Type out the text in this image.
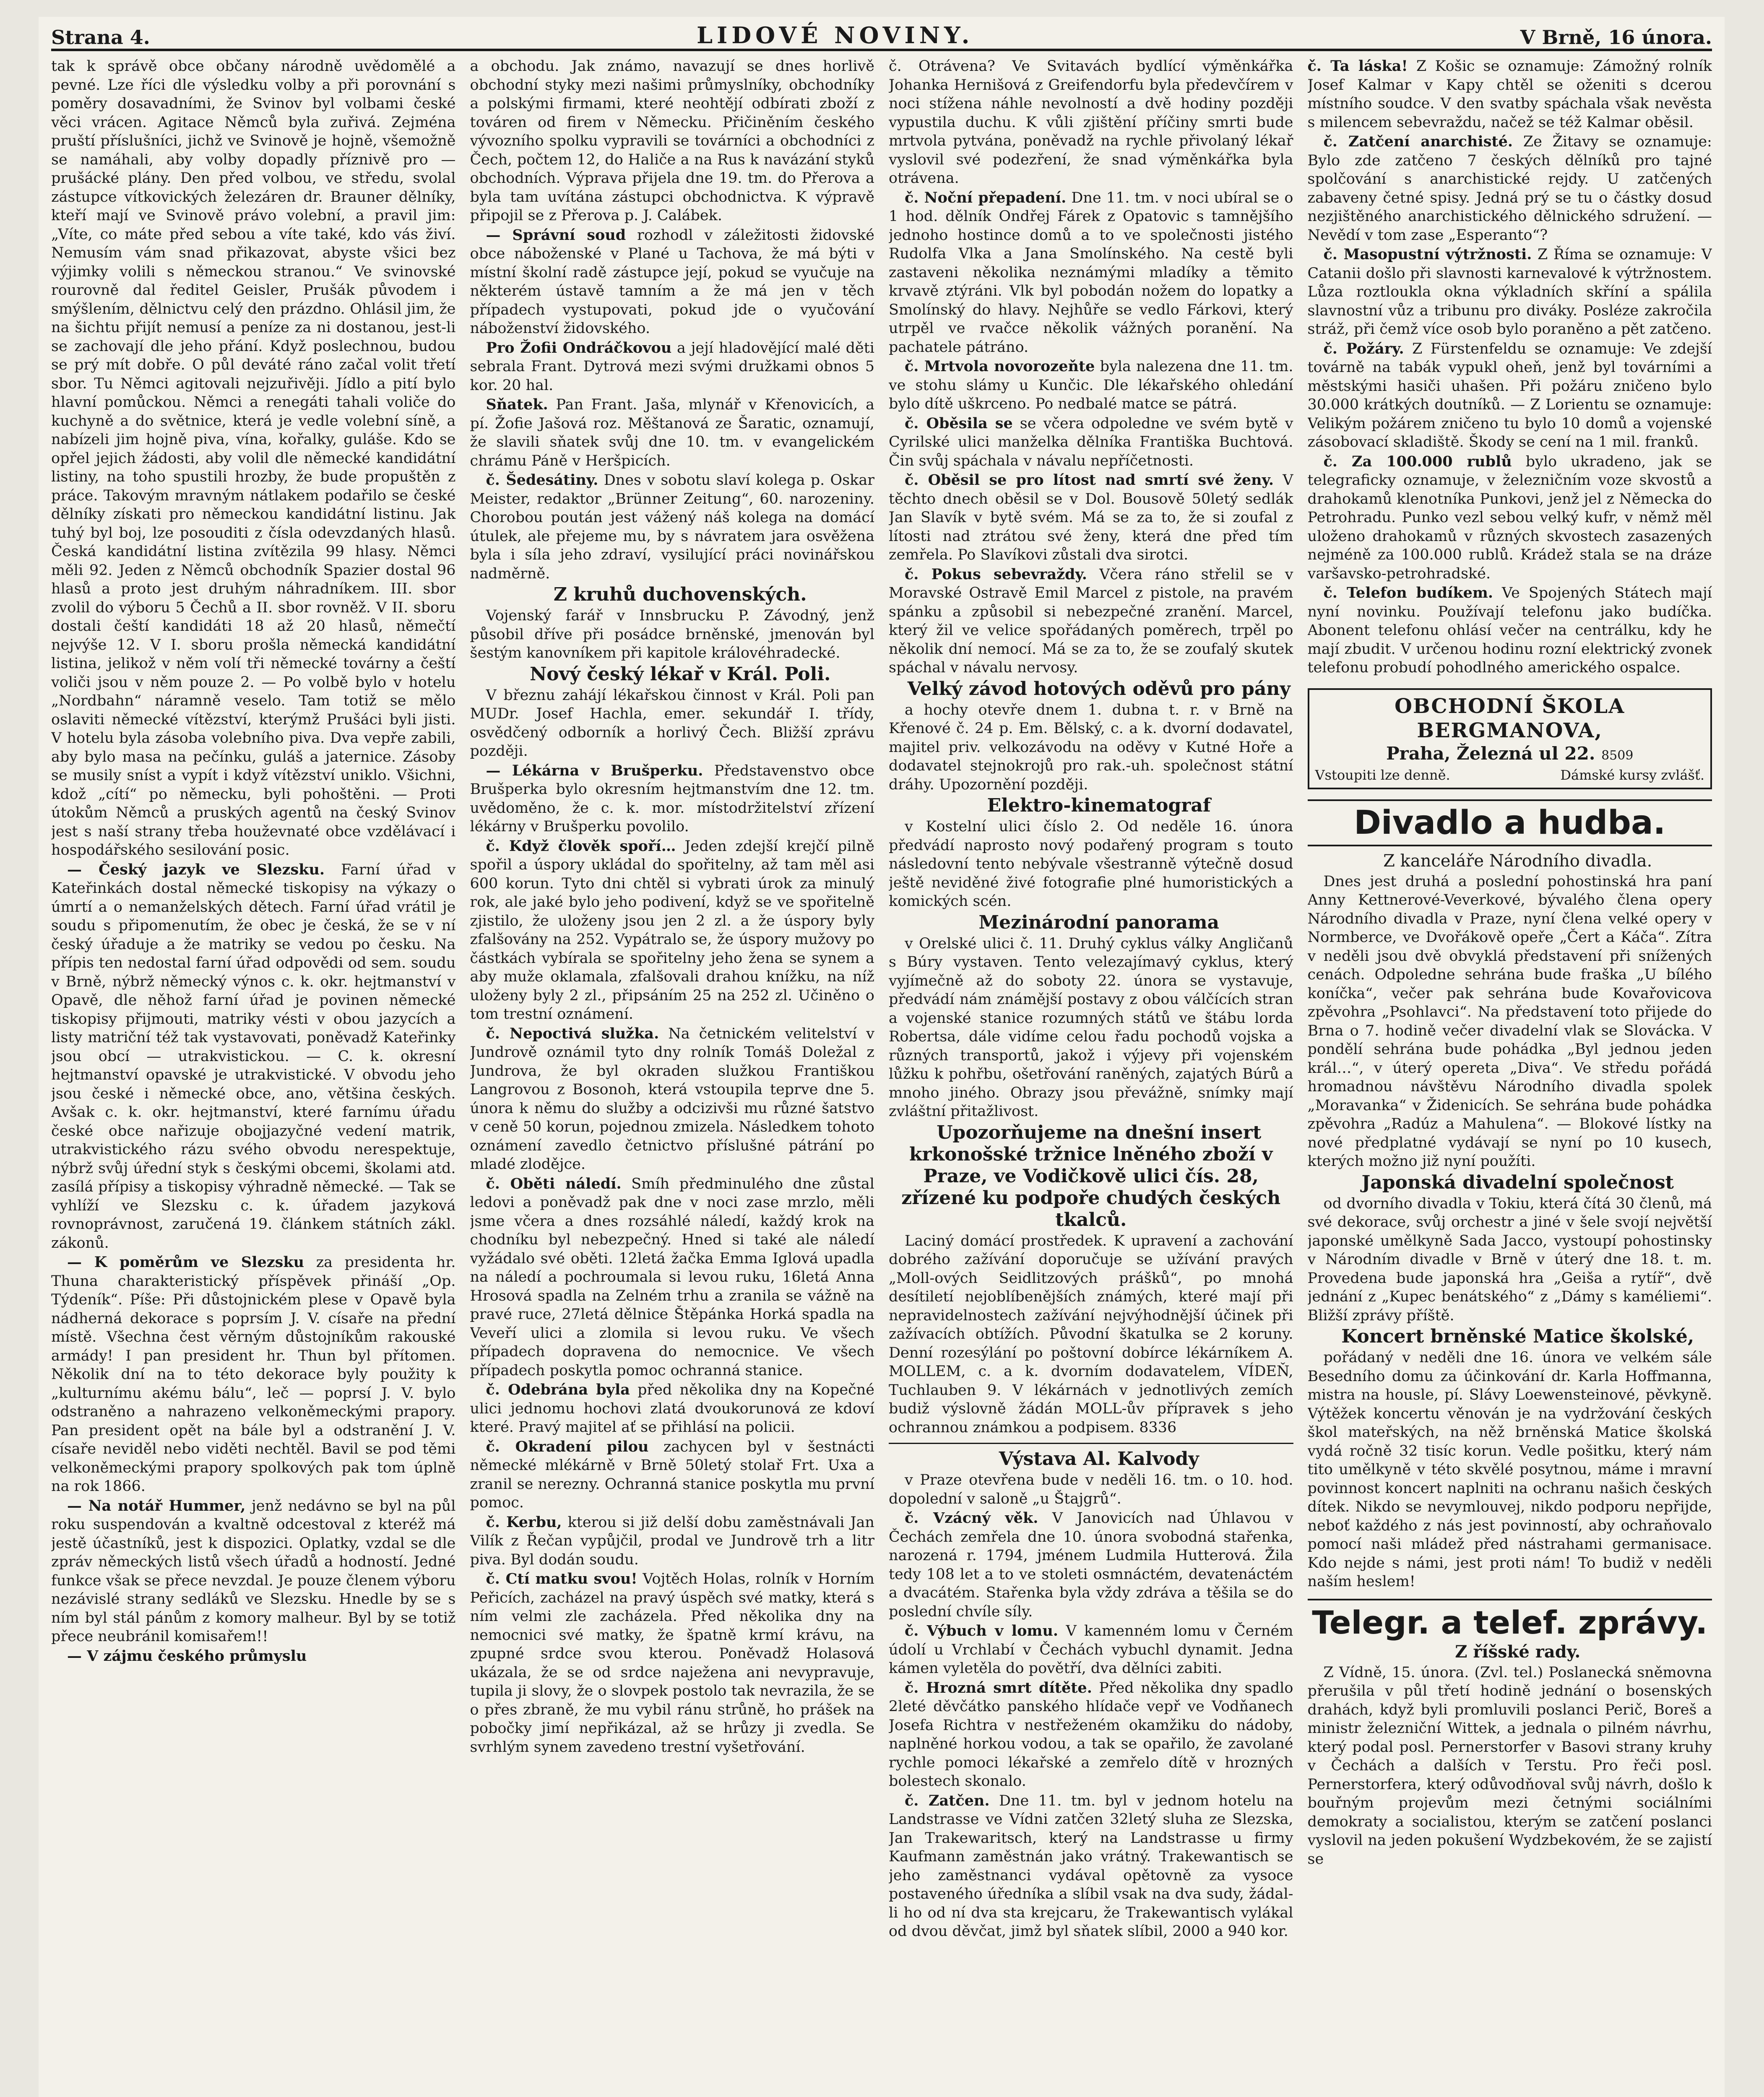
Strana 4.	LIDOVÉ NOVINY.	V Brně, 16 února.

tak k správě obce občany národně uvědomělé a pevné. Lze říci dle výsledku volby a při porovnání s poměry dosavadními, že Svinov byl volbami české věci vrácen. Agitace Němců byla zuřivá. Zejména pruští příslušníci, jichž ve Svinově je hojně, všemožně se namáhali, aby volby dopadly příznivě pro — prušácké plány. Den před volbou, ve středu, svolal zástupce vítkovických železáren dr. Brauner dělníky, kteří mají ve Svinově právo volební, a pravil jim: „Víte, co máte před sebou a víte také, kdo vás živí. Nemusím vám snad přikazovat, abyste všici bez výjimky volili s německou stranou.“ Ve svinovské rourovně dal ředitel Geisler, Prušák původem i smýšlením, dělnictvu celý den prázdno. Ohlásil jim, že na šichtu přijít nemusí a peníze za ni dostanou, jest-li se zachovají dle jeho přání. Když poslechnou, budou se prý mít dobře. O půl deváté ráno začal volit třetí sbor. Tu Němci agitovali nejzuřivěji. Jídlo a pití bylo hlavní pomůckou. Němci a renegáti tahali voliče do kuchyně a do světnice, která je vedle volební síně, a nabízeli jim hojně piva, vína, kořalky, guláše. Kdo se opřel jejich žádosti, aby volil dle německé kandidátní listiny, na toho spustili hrozby, že bude propuštěn z práce. Takovým mravným nátlakem podařilo se české dělníky získati pro německou kandidátní listinu. Jak tuhý byl boj, lze posouditi z čísla odevzdaných hlasů. Česká kandidátní listina zvítězila 99 hlasy. Němci měli 92. Jeden z Němců obchodník Spazier dostal 96 hlasů a proto jest druhým náhradníkem. III. sbor zvolil do výboru 5 Čechů a II. sbor rovněž. V II. sboru dostali čeští kandidáti 18 až 20 hlasů, němečtí nejvýše 12. V I. sboru prošla německá kandidátní listina, jelikož v něm volí tři německé továrny a čeští voliči jsou v něm pouze 2. — Po volbě bylo v hotelu „Nordbahn“ náramně veselo. Tam totiž se mělo oslaviti německé vítězství, kterýmž Prušáci byli jisti. V hotelu byla zásoba volebního piva. Dva vepře zabili, aby bylo masa na pečínku, guláš a jaternice. Zásoby se musily sníst a vypít i když vítězství uniklo. Všichni, kdož „cítí“ po německu, byli pohoštěni. — Proti útokům Němců a pruských agentů na český Svinov jest s naší strany třeba houževnaté obce vzdělávací i hospodářského sesilování posic.

— Český jazyk ve Slezsku. Farní úřad v Kateřinkách dostal německé tiskopisy na výkazy o úmrtí a o nemanželských dětech. Farní úřad vrátil je soudu s připomenutím, že obec je česká, že se v ní český úřaduje a že matriky se vedou po česku. Na přípis ten nedostal farní úřad odpovědi od sem. soudu v Brně, nýbrž německý výnos c. k. okr. hejtmanství v Opavě, dle něhož farní úřad je povinen německé tiskopisy přijmouti, matriky vésti v obou jazycích a listy matriční též tak vystavovati, poněvadž Kateřinky jsou obcí — utrakvistickou. — C. k. okresní hejtmanství opavské je utrakvistické. V obvodu jeho jsou české i německé obce, ano, většina českých. Avšak c. k. okr. hejtmanství, které farnímu úřadu české obce nařizuje obojjazyčné vedení matrik, utrakvistického rázu svého obvodu nerespektuje, nýbrž svůj úřední styk s českými obcemi, školami atd. zasílá přípisy a tiskopisy výhradně německé. — Tak se vyhlíží ve Slezsku c. k. úřadem jazyková rovnoprávnost, zaručená 19. článkem státních zákl. zákonů.

— K poměrům ve Slezsku za presidenta hr. Thuna charakteristický příspěvek přináší „Op. Týdeník“. Píše: Při důstojnickém plese v Opavě byla nádherná dekorace s poprsím J. V. císaře na přední místě. Všechna čest věrným důstojníkům rakouské armády! I pan president hr. Thun byl přítomen. Několik dní na to této dekorace byly použity k „kulturnímu akému bálu“, leč — poprsí J. V. bylo odstraněno a nahrazeno velkoněmeckými prapory. Pan president opět na bále byl a odstranění J. V. císaře neviděl nebo viděti nechtěl. Bavil se pod těmi velkoněmeckými prapory spolkových pak tom úplně na rok 1866.

— Na notář Hummer, jenž nedávno se byl na půl roku suspendován a kvaltně odcestoval z kteréž má jestě účastníků, jest k dispozici. Oplatky, vzdal se dle zpráv německých listů všech úřadů a hodností. Jedné funkce však se přece nevzdal. Je pouze členem výboru nezávislé strany sedláků ve Slezsku. Hnedle by se s ním byl stál pánům z komory malheur. Byl by se totiž přece neubránil komisařem!!

— V zájmu českého průmyslu

a obchodu. Jak známo, navazují se dnes horlivě obchodní styky mezi našimi průmyslníky, obchodníky a polskými firmami, které neohtějí odbírati zboží z továren od firem v Německu. Přičiněním českého vývozního spolku vypravili se továrníci a obchodníci z Čech, počtem 12, do Haliče a na Rus k navázání styků obchodních. Výprava přijela dne 19. tm. do Přerova a byla tam uvítána zástupci obchodnictva. K výpravě připojil se z Přerova p. J. Calábek.

— Správní soud rozhodl v záležitosti židovské obce náboženské v Plané u Tachova, že má býti v místní školní radě zástupce její, pokud se vyučuje na některém ústavě tamním a že má jen v těch případech vystupovati, pokud jde o vyučování náboženství židovského.

Pro Žofii Ondráčkovou a její hladovějící malé děti sebrala Frant. Dytrová mezi svými družkami obnos 5 kor. 20 hal.

Sňatek. Pan Frant. Jaša, mlynář v Křenovicích, a pí. Žofie Jašová roz. Měštanová ze Šaratic, oznamují, že slavili sňatek svůj dne 10. tm. v evangelickém chrámu Páně v Heršpicích.

č. Šedesátiny. Dnes v sobotu slaví kolega p. Oskar Meister, redaktor „Brünner Zeitung“, 60. narozeniny. Chorobou poután jest vážený náš kolega na domácí útulek, ale přejeme mu, by s návratem jara osvěžena byla i síla jeho zdraví, vysilující práci novinářskou nadměrně.

Z kruhů duchovenských.

Vojenský farář v Innsbrucku P. Závodný, jenž působil dříve při posádce brněnské, jmenován byl šestým kanovníkem při kapitole královéhradecké.

Nový český lékař v Král. Poli.

V březnu zahájí lékařskou činnost v Král. Poli pan MUDr. Josef Hachla, emer. sekundář I. třídy, osvědčený odborník a horlivý Čech. Bližší zprávu později.

— Lékárna v Brušperku. Představenstvo obce Brušperka bylo okresním hejtmanstvím dne 12. tm. uvědoměno, že c. k. mor. místodržitelství zřízení lékárny v Brušperku povolilo.

č. Když člověk spoří… Jeden zdejší krejčí pilně spořil a úspory ukládal do spořitelny, až tam měl asi 600 korun. Tyto dni chtěl si vybrati úrok za minulý rok, ale jaké bylo jeho podivení, když se ve spořitelně zjistilo, že uloženy jsou jen 2 zl. a že úspory byly zfalšovány na 252. Vypátralo se, že úspory mužovy po částkách vybírala se spořitelny jeho žena se synem a aby muže oklamala, zfalšovali drahou knížku, na níž uloženy byly 2 zl., připsáním 25 na 252 zl. Učiněno o tom trestní oznámení.

č. Nepoctivá služka. Na četnickém velitelství v Jundrově oznámil tyto dny rolník Tomáš Doležal z Jundrova, že byl okraden služkou Františkou Langrovou z Bosonoh, která vstoupila teprve dne 5. února k němu do služby a odcizivši mu různé šatstvo v ceně 50 korun, pojednou zmizela. Následkem tohoto oznámení zavedlo četnictvo příslušné pátrání po mladé zlodějce.

č. Oběti náledí. Smíh předminulého dne zůstal ledovi a poněvadž pak dne v noci zase mrzlo, měli jsme včera a dnes rozsáhlé náledí, každý krok na chodníku byl nebezpečný. Hned si také ale náledí vyžádalo své oběti. 12letá žačka Emma Iglová upadla na náledí a pochroumala si levou ruku, 16letá Anna Hrosová spadla na Zelném trhu a zranila se vážně na pravé ruce, 27letá dělnice Štěpánka Horká spadla na Veveří ulici a zlomila si levou ruku. Ve všech případech dopravena do nemocnice. Ve všech případech poskytla pomoc ochranná stanice.

č. Odebrána byla před několika dny na Kopečné ulici jednomu hochovi zlatá dvoukorunová ze kdoví které. Pravý majitel ať se přihlásí na policii.

č. Okradení pilou zachycen byl v šestnácti německé mlékárně v Brně 50letý stolař Frt. Uxa a zranil se nerezny. Ochranná stanice poskytla mu první pomoc.

č. Kerbu, kterou si již delší dobu zaměstnávali Jan Vilík z Řečan vypůjčil, prodal ve Jundrově trh a litr piva. Byl dodán soudu.

č. Ctí matku svou! Vojtěch Holas, rolník v Horním Peřicích, zacházel na pravý úspěch své matky, která s ním velmi zle zacházela. Před několika dny na nemocnici své matky, že špatně krmí krávu, na zpupné srdce svou kterou. Poněvadž Holasová ukázala, že se od srdce naježena ani nevypravuje, tupila ji slovy, že o slovpek postolo tak nevrazila, že se o přes zbraně, že mu vybil ránu strůně, ho prášek na pobočky jimí nepřikázal, až se hrůzy ji zvedla. Se svrhlým synem zavedeno trestní vyšetřování.

č. Otrávena? Ve Svitavách bydlící výměnkářka Johanka Hernišová z Greifendorfu byla předevčírem v noci stížena náhle nevolností a dvě hodiny později vypustila duchu. K vůli zjištění příčiny smrti bude mrtvola pytvána, poněvadž na rychle přivolaný lékař vyslovil své podezření, že snad výměnkářka byla otrávena.

č. Noční přepadení. Dne 11. tm. v noci ubíral se o 1 hod. dělník Ondřej Fárek z Opatovic s tamnějšího jednoho hostince domů a to ve společnosti jistého Rudolfa Vlka a Jana Smolínského. Na cestě byli zastaveni několika neznámými mladíky a těmito krvavě ztýráni. Vlk byl pobodán nožem do lopatky a Smolínský do hlavy. Nejhůře se vedlo Fárkovi, který utrpěl ve rvačce několik vážných poranění. Na pachatele pátráno.

č. Mrtvola novorozeňte byla nalezena dne 11. tm. ve stohu slámy u Kunčic. Dle lékařského ohledání bylo dítě uškrceno. Po nedbalé matce se pátrá.

č. Oběsila se se včera odpoledne ve svém bytě v Cyrilské ulici manželka dělníka Františka Buchtová. Čin svůj spáchala v návalu nepříčetnosti.

č. Oběsil se pro lítost nad smrtí své ženy. V těchto dnech oběsil se v Dol. Bousově 50letý sedlák Jan Slavík v bytě svém. Má se za to, že si zoufal z lítosti nad ztrátou své ženy, která dne před tím zemřela. Po Slavíkovi zůstali dva sirotci.

č. Pokus sebevraždy. Včera ráno střelil se v Moravské Ostravě Emil Marcel z pistole, na pravém spánku a způsobil si nebezpečné zranění. Marcel, který žil ve velice spořádaných poměrech, trpěl po několik dní nemocí. Má se za to, že se zoufalý skutek spáchal v návalu nervosy.

Velký závod hotových oděvů pro pány

a hochy otevře dnem 1. dubna t. r. v Brně na Křenové č. 24 p. Em. Bělský, c. a k. dvorní dodavatel, majitel priv. velkozávodu na oděvy v Kutné Hoře a dodavatel stejnokrojů pro rak.-uh. společnost státní dráhy. Upozornění později.

Elektro-kinematograf

v Kostelní ulici číslo 2. Od neděle 16. února předvádí naprosto nový podařený program s touto následovní tento nebývale všestranně výtečně dosud ještě neviděné živé fotografie plné humoristických a komických scén.

Mezinárodní panorama

v Orelské ulici č. 11. Druhý cyklus války Angličanů s Búry vystaven. Tento velezajímavý cyklus, který vyjímečně až do soboty 22. února se vystavuje, předvádí nám známější postavy z obou válčících stran a vojenské stanice rozumných států ve štábu lorda Robertsa, dále vidíme celou řadu pochodů vojska a různých transportů, jakož i výjevy při vojenském lůžku k pohřbu, ošetřování raněných, zajatých Búrů a mnoho jiného. Obrazy jsou převážně, snímky mají zvláštní přitažlivost.

Upozorňujeme na dnešní insert krkonošské tržnice lněného zboží v Praze, ve Vodičkově ulici čís. 28, zřízené ku podpoře chudých českých tkalců.

Laciný domácí prostředek. K upravení a zachování dobrého zažívání doporučuje se užívání pravých „Moll-ových Seidlitzových prášků“, po mnohá desítiletí nejoblíbenějších známých, které mají při nepravidelnostech zažívání nejvýhodnější účinek při zažívacích obtížích. Původní škatulka se 2 koruny. Denní rozesýlání po poštovní dobírce lékárníkem A. MOLLEM, c. a k. dvorním dodavatelem, VÍDEŇ, Tuchlauben 9. V lékárnách v jednotlivých zemích budiž výslovně žádán MOLL-ův přípravek s jeho ochrannou známkou a podpisem. 8336

Výstava Al. Kalvody

v Praze otevřena bude v neděli 16. tm. o 10. hod. dopolední v saloně „u Štajgrů“.

č. Vzácný věk. V Janovicích nad Úhlavou v Čechách zemřela dne 10. února svobodná stařenka, narozená r. 1794, jménem Ludmila Hutterová. Žila tedy 108 let a to ve stoleti osmnáctém, devatenáctém a dvacátém. Stařenka byla vždy zdráva a těšila se do poslední chvíle síly.

č. Výbuch v lomu. V kamenném lomu v Černém údolí u Vrchlabí v Čechách vybuchl dynamit. Jedna kámen vyletěla do povětří, dva dělníci zabiti.

č. Hrozná smrt dítěte. Před několika dny spadlo 2leté děvčátko panského hlídače vepř ve Vodňanech Josefa Richtra v nestřeženém okamžiku do nádoby, naplněné horkou vodou, a tak se opařilo, že zavolané rychle pomoci lékařské a zemřelo dítě v hrozných bolestech skonalo.

č. Zatčen. Dne 11. tm. byl v jednom hotelu na Landstrasse ve Vídni zatčen 32letý sluha ze Slezska, Jan Trakewaritsch, který na Landstrasse u firmy Kaufmann zaměstnán jako vrátný. Trakewantisch se jeho zaměstnanci vydával opětovně za vysoce postaveného úředníka a slíbil vsak na dva sudy, žádal-li ho od ní dva sta krejcaru, že Trakewantisch vylákal od dvou děvčat, jimž byl sňatek slíbil, 2000 a 940 kor.

č. Ta láska! Z Košic se oznamuje: Zámožný rolník Josef Kalmar v Kapy chtěl se oženiti s dcerou místního soudce. V den svatby spáchala však nevěsta s milencem sebevraždu, načež se též Kalmar oběsil.

č. Zatčení anarchisté. Ze Žitavy se oznamuje: Bylo zde zatčeno 7 českých dělníků pro tajné spolčování s anarchistické rejdy. U zatčených zabaveny četné spisy. Jedná prý se tu o částky dosud nezjištěného anarchistického dělnického sdružení. — Nevědí v tom zase „Esperanto“?

č. Masopustní výtržnosti. Z Říma se oznamuje: V Catanii došlo při slavnosti karnevalové k výtržnostem. Lůza roztloukla okna výkladních skříní a spálila slavnostní vůz a tribunu pro diváky. Posléze zakročila stráž, při čemž více osob bylo poraněno a pět zatčeno.

č. Požáry. Z Fürstenfeldu se oznamuje: Ve zdejší továrně na tabák vypukl oheň, jenž byl továrními a městskými hasiči uhašen. Při požáru zničeno bylo 30.000 krátkých doutníků. — Z Lorientu se oznamuje: Velikým požárem zničeno tu bylo 10 domů a vojenské zásobovací skladiště. Škody se cení na 1 mil. franků.

č. Za 100.000 rublů bylo ukradeno, jak se telegraficky oznamuje, v železničním voze skvostů a drahokamů klenotníka Punkovi, jenž jel z Německa do Petrohradu. Punko vezl sebou velký kufr, v němž měl uloženo drahokamů v různých skvostech zasazených nejméně za 100.000 rublů. Krádež stala se na dráze varšavsko-petrohradské.

č. Telefon budíkem. Ve Spojených Státech mají nyní novinku. Používají telefonu jako budíčka. Abonent telefonu ohlásí večer na centrálku, kdy he mají zbudit. V určenou hodinu rozní elektrický zvonek telefonu probudí pohodlného amerického ospalce.

OBCHODNÍ ŠKOLA BERGMANOVA,
Praha, Železná ul 22. 8509
Vstoupiti lze denně.	Dámské kursy zvlášť.
Divadlo a hudba.

Z kanceláře Národního divadla.

Dnes jest druhá a poslední pohostinská hra paní Anny Kettnerové-Veverkové, bývalého člena opery Národního divadla v Praze, nyní člena velké opery v Normberce, ve Dvořákově opeře „Čert a Káča“. Zítra v neděli jsou dvě obvyklá představení při snížených cenách. Odpoledne sehrána bude fraška „U bílého koníčka“, večer pak sehrána bude Kovařovicova zpěvohra „Psohlavci“. Na představení toto přijede do Brna o 7. hodině večer divadelní vlak se Slovácka. V pondělí sehrána bude pohádka „Byl jednou jeden král…“, v úterý opereta „Diva“. Ve středu pořádá hromadnou návštěvu Národního divadla spolek „Moravanka“ v Židenicích. Se sehrána bude pohádka zpěvohra „Radúz a Mahulena“. — Blokové lístky na nové předplatné vydávají se nyní po 10 kusech, kterých možno již nyní použíti.

Japonská divadelní společnost

od dvorního divadla v Tokiu, která čítá 30 členů, má své dekorace, svůj orchestr a jiné v šele svojí největší japonské umělkyně Sada Jacco, vystoupí pohostinsky v Národním divadle v Brně v úterý dne 18. t. m. Provedena bude japonská hra „Geiša a rytíř“, dvě jednání z „Kupec benátského“ z „Dámy s kaméliemi“. Bližší zprávy příště.

Koncert brněnské Matice školské,

pořádaný v neděli dne 16. února ve velkém sále Besedního domu za účinkování dr. Karla Hoffmanna, mistra na housle, pí. Slávy Loewensteinové, pěvkyně. Výtěžek koncertu věnován je na vydržování českých škol mateřských, na něž brněnská Matice školská vydá ročně 32 tisíc korun. Vedle pošitku, který nám tito umělkyně v této skvělé posytnou, máme i mravní povinnost koncert naplniti na ochranu našich českých dítek. Nikdo se nevymlouvej, nikdo podporu nepřijde, neboť každého z nás jest povinností, aby ochraňovalo pomocí naši mládež před nástrahami germanisace. Kdo nejde s námi, jest proti nám! To budiž v neděli naším heslem!

Telegr. a telef. zprávy.

Z říšské rady.

Z Vídně, 15. února. (Zvl. tel.) Poslanecká sněmovna přerušila v půl třetí hodině jednání o bosenských drahách, když byli promluvili poslanci Perič, Boreš a ministr železniční Wittek, a jednala o pilném návrhu, který podal posl. Pernerstorfer v Basovi strany kruhy v Čechách a dalších v Terstu. Pro řeči posl. Pernerstorfera, který odůvodňoval svůj návrh, došlo k bouřným projevům mezi četnými sociálními demokraty a socialistou, kterým se zatčení poslanci vyslovil na jeden pokušení Wydzbekovém, že se zajistí se
